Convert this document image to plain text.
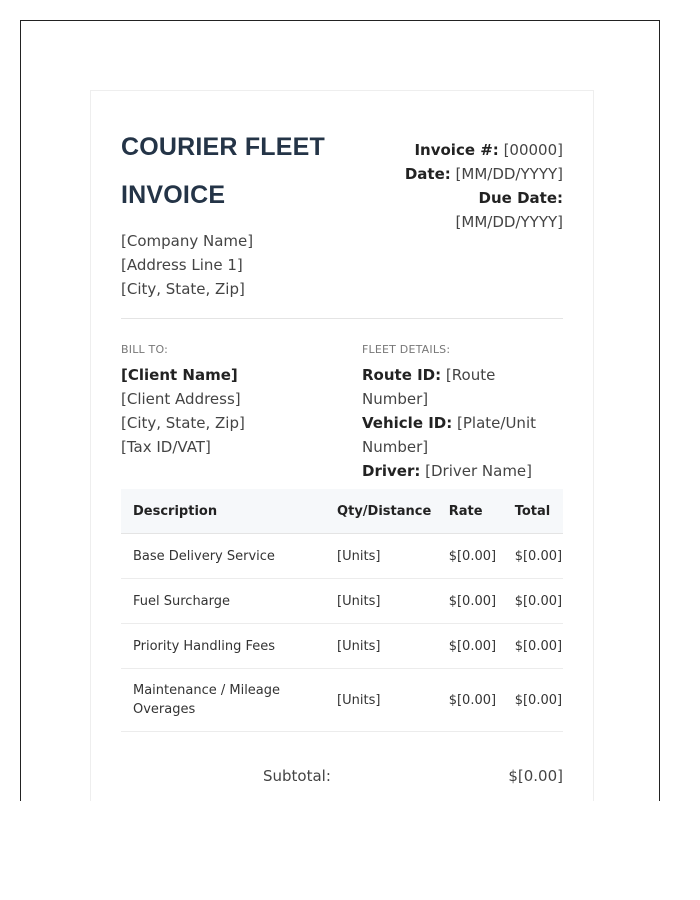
COURIER FLEET
INVOICE
[Company Name]
[Address Line 1]
[City, State, Zip]
Invoice #: [00000]
Date: [MM/DD/YYYY]
Due Date:
[MM/DD/YYYY]
BILL TO:
[Client Name]
[Client Address]
[City, State, Zip]
[Tax ID/VAT]
FLEET DETAILS:
Route ID: [Route Number]
Vehicle ID: [Plate/Unit Number]
Driver: [Driver Name]
Description	Qty/Distance	Rate	Total
Base Delivery Service	[Units]	$[0.00]	$[0.00]
Fuel Surcharge	[Units]	$[0.00]	$[0.00]
Priority Handling Fees	[Units]	$[0.00]	$[0.00]
Maintenance / Mileage Overages	[Units]	$[0.00]	$[0.00]
Subtotal:	$[0.00]
